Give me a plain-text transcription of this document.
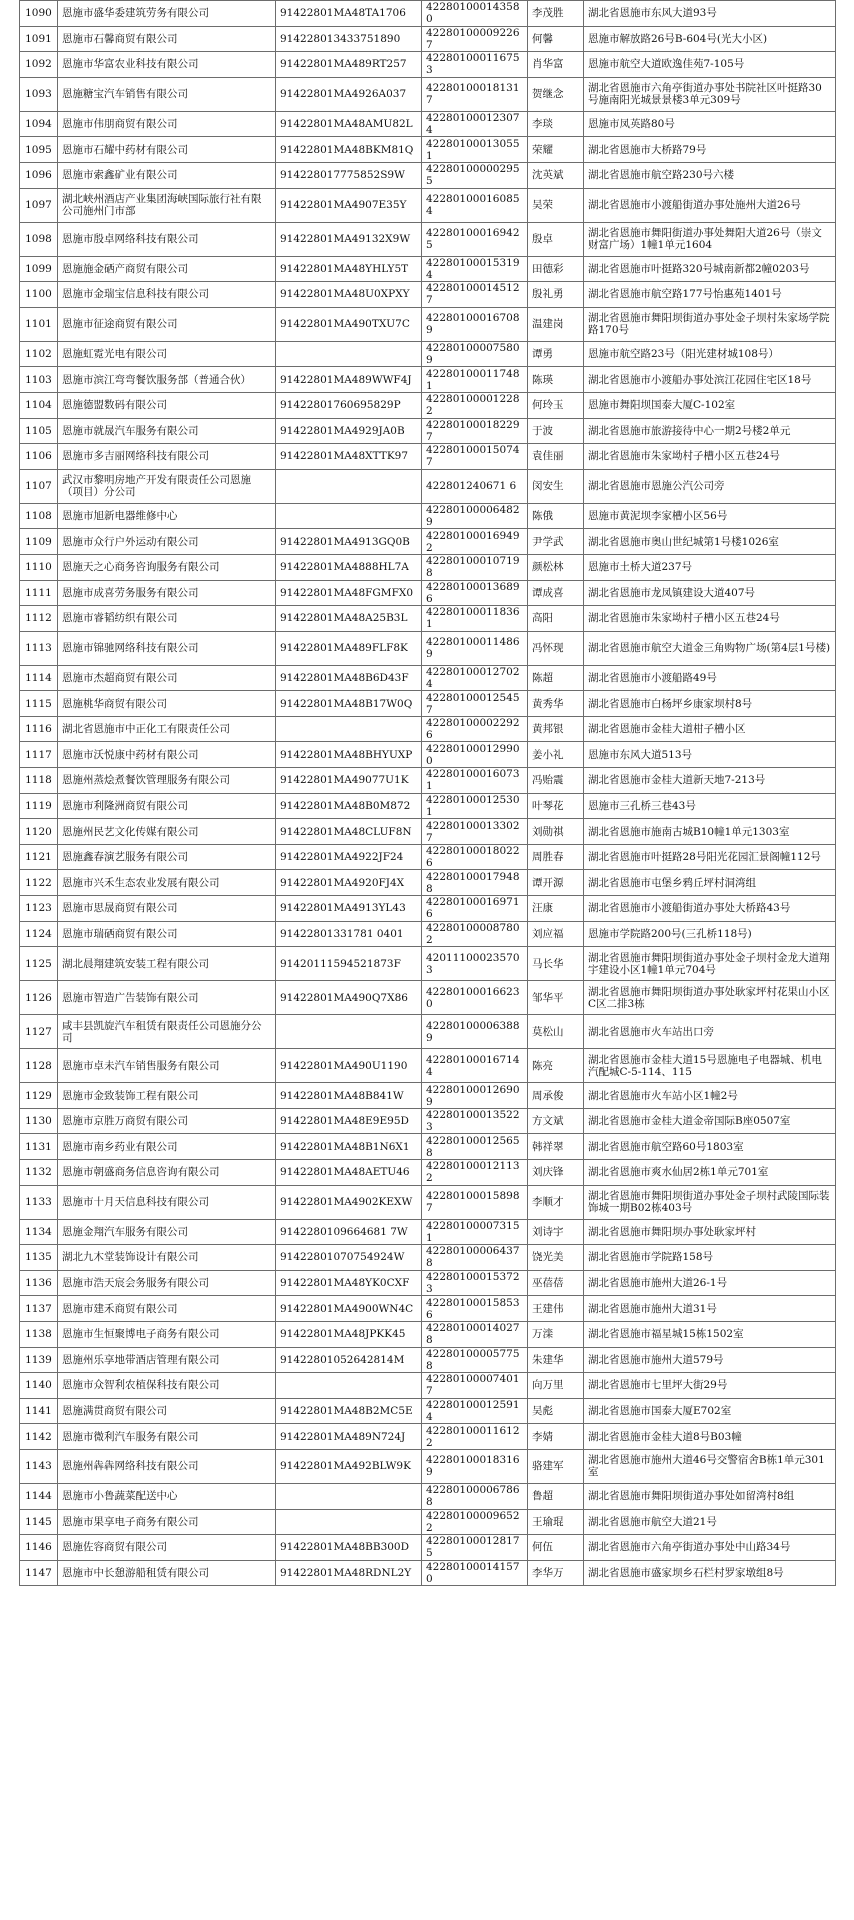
1090	恩施市盛华委建筑劳务有限公司	91422801MA48TA1706	422801000143580	李茂胜	湖北省恩施市东风大道93号
1091	恩施市石馨商贸有限公司	914228013433751890	422801000092267	何馨	恩施市解放路26号B-604号(光大小区)
1092	恩施市华富农业科技有限公司	91422801MA489RT257	422801000116753	肖华富	恩施市航空大道欧逸佳苑7-105号
1093	恩施糖宝汽车销售有限公司	91422801MA4926A037	422801000181317	贺继念	湖北省恩施市六角亭街道办事处书院社区叶挺路30号施南阳光城景景楼3单元309号
1094	恩施市伟朋商贸有限公司	91422801MA48AMU82L	422801000123074	李琰	恩施市凤英路80号
1095	恩施市石耀中药材有限公司	91422801MA48BKM81Q	422801000130551	荣耀	湖北省恩施市大桥路79号
1096	恩施市索鑫矿业有限公司	914228017775852S9W	422801000002955	沈英斌	湖北省恩施市航空路230号六楼
1097	湖北峡州酒店产业集团海峡国际旅行社有限公司施州门市部	91422801MA4907E35Y	422801000160854	吴荣	湖北省恩施市小渡船街道办事处施州大道26号
1098	恩施市殷卓网络科技有限公司	91422801MA49132X9W	422801000169425	殷卓	湖北省恩施市舞阳街道办事处舞阳大道26号（崇文财富广场）1幢1单元1604
1099	恩施施金硒产商贸有限公司	91422801MA48YHLY5T	422801000153194	田德彩	湖北省恩施市叶挺路320号城南新都2幢0203号
1100	恩施市金瑞宝信息科技有限公司	91422801MA48U0XPXY	422801000145127	殷礼勇	湖北省恩施市航空路177号怡惠苑1401号
1101	恩施市征途商贸有限公司	91422801MA490TXU7C	422801000167089	温建岗	湖北省恩施市舞阳坝街道办事处金子坝村朱家场学院路170号
1102	恩施虹霓光电有限公司		422801000075809	谭勇	恩施市航空路23号（阳光建材城108号）
1103	恩施市滨江弯弯餐饮服务部（普通合伙）	91422801MA489WWF4J	422801000117481	陈瑛	湖北省恩施市小渡船办事处滨江花园住宅区18号
1104	恩施德盟数码有限公司	91422801760695829P	422801000012282	何玲玉	恩施市舞阳坝国泰大厦C-102室
1105	恩施市就晟汽车服务有限公司	91422801MA4929JA0B	422801000182297	于波	湖北省恩施市旅游接待中心一期2号楼2单元
1106	恩施市多吉丽网络科技有限公司	91422801MA48XTTK97	422801000150747	袁佳丽	湖北省恩施市朱家坳村子槽小区五巷24号
1107	武汉市黎明房地产开发有限责任公司恩施（项目）分公司		422801240671 6	闵安生	湖北省恩施市恩施公汽公司旁
1108	恩施市旭新电器维修中心		422801000064829	陈俄	恩施市黄泥坝李家槽小区56号
1109	恩施市众行户外运动有限公司	91422801MA4913GQ0B	422801000169492	尹学武	湖北省恩施市奥山世纪城第1号楼1026室
1110	恩施天之心商务咨询服务有限公司	91422801MA4888HL7A	422801000107198	颜松林	恩施市土桥大道237号
1111	恩施市成喜劳务服务有限公司	91422801MA48FGMFX0	422801000136896	谭成喜	湖北省恩施市龙凤镇建设大道407号
1112	恩施市睿韬纺织有限公司	91422801MA48A25B3L	422801000118361	高阳	湖北省恩施市朱家坳村子槽小区五巷24号
1113	恩施市锦驰网络科技有限公司	91422801MA489FLF8K	422801000114869	冯怀现	湖北省恩施市航空大道金三角购物广场(第4层1号楼)
1114	恩施市杰超商贸有限公司	91422801MA48B6D43F	422801000127024	陈超	湖北省恩施市小渡船路49号
1115	恩施桃华商贸有限公司	91422801MA48B17W0Q	422801000125457	黄秀华	湖北省恩施市白杨坪乡康家坝村8号
1116	湖北省恩施市中正化工有限责任公司		422801000022926	黄邦银	湖北省恩施市金桂大道柑子槽小区
1117	恩施市沃悦康中药材有限公司	91422801MA48BHYUXP	422801000129900	姜小礼	恩施市东风大道513号
1118	恩施州蒸烩煮餐饮管理服务有限公司	91422801MA49077U1K	422801000160731	冯贻震	湖北省恩施市金桂大道新天地7-213号
1119	恩施市利隆洲商贸有限公司	91422801MA48B0M872	422801000125301	叶琴花	恩施市三孔桥三巷43号
1120	恩施州民艺文化传媒有限公司	91422801MA48CLUF8N	422801000133027	刘勋祺	湖北省恩施市施南古城B10幢1单元1303室
1121	恩施鑫春演艺服务有限公司	91422801MA4922JF24	422801000180226	周胜春	湖北省恩施市叶挺路28号阳光花园汇景阁幢112号
1122	恩施市兴禾生态农业发展有限公司	91422801MA4920FJ4X	422801000179488	谭开源	湖北省恩施市屯堡乡鸦丘坪村洞湾组
1123	恩施市思晟商贸有限公司	91422801MA4913YL43	422801000169716	汪康	湖北省恩施市小渡船街道办事处大桥路43号
1124	恩施市瑞硒商贸有限公司	91422801331781 0401	422801000087802	刘应福	恩施市学院路200号(三孔桥118号)
1125	湖北晨翔建筑安装工程有限公司	91420111594521873F	420111000235703	马长华	湖北省恩施市舞阳坝街道办事处金子坝村金龙大道翔宇建设小区1幢1单元704号
1126	恩施市智造广告装饰有限公司	91422801MA490Q7X86	422801000166230	邹华平	湖北省恩施市舞阳坝街道办事处耿家坪村花果山小区C区二排3栋
1127	咸丰县凯旋汽车租赁有限责任公司恩施分公司		422801000063889	莫松山	湖北省恩施市火车站出口旁
1128	恩施市卓未汽车销售服务有限公司	91422801MA490U1190	422801000167144	陈亮	湖北省恩施市金桂大道15号恩施电子电器城、机电汽配城C-5-114、115
1129	恩施市金致装饰工程有限公司	91422801MA48B841W	422801000126909	周承俊	湖北省恩施市火车站小区1幢2号
1130	恩施市京胜万商贸有限公司	91422801MA48E9E95D	422801000135223	方文斌	湖北省恩施市金桂大道金帝国际B座0507室
1131	恩施市南乡药业有限公司	91422801MA48B1N6X1	422801000125658	韩祥翠	湖北省恩施市航空路60号1803室
1132	恩施市朝盛商务信息咨询有限公司	91422801MA48AETU46	422801000121132	刘庆锋	湖北省恩施市爽水仙居2栋1单元701室
1133	恩施市十月天信息科技有限公司	91422801MA4902KEXW	422801000158987	李顺才	湖北省恩施市舞阳坝街道办事处金子坝村武陵国际装饰城一期B02栋403号
1134	恩施金翔汽车服务有限公司	9142280109664681 7W	422801000073151	刘诗宇	湖北省恩施市舞阳坝办事处耿家坪村
1135	湖北九木堂装饰设计有限公司	91422801070754924W	422801000064378	饶光美	湖北省恩施市学院路158号
1136	恩施市浩天宸会务服务有限公司	91422801MA48YK0CXF	422801000153723	巫蓓蓓	湖北省恩施市施州大道26-1号
1137	恩施市建禾商贸有限公司	91422801MA4900WN4C	422801000158536	王建伟	湖北省恩施市施州大道31号
1138	恩施市生恒聚博电子商务有限公司	91422801MA48JPKK45	422801000140278	万滦	湖北省恩施市福星城15栋1502室
1139	恩施州乐享地带酒店管理有限公司	91422801052642814M	422801000057758	朱建华	湖北省恩施市施州大道579号
1140	恩施市众智利农植保科技有限公司		422801000074017	向万里	湖北省恩施市七里坪大街29号
1141	恩施满贯商贸有限公司	91422801MA48B2MC5E	422801000125914	吴彪	湖北省恩施市国泰大厦E702室
1142	恩施市微利汽车服务有限公司	91422801MA489N724J	422801000116122	李婧	湖北省恩施市金桂大道8号B03幢
1143	恩施州犇犇网络科技有限公司	91422801MA492BLW9K	422801000183169	骆建军	湖北省恩施市施州大道46号交警宿舍B栋1单元301室
1144	恩施市小鲁蔬菜配送中心		422801000067868	鲁超	湖北省恩施市舞阳坝街道办事处如留湾村8组
1145	恩施市果享电子商务有限公司		422801000096522	王瑜琨	湖北省恩施市航空大道21号
1146	恩施佐容商贸有限公司	91422801MA48BB300D	422801000128175	何伍	湖北省恩施市六角亭街道办事处中山路34号
1147	恩施市中长憩游船租赁有限公司	91422801MA48RDNL2Y	422801000141570	李华万	湖北省恩施市盛家坝乡石栏村罗家墩组8号
